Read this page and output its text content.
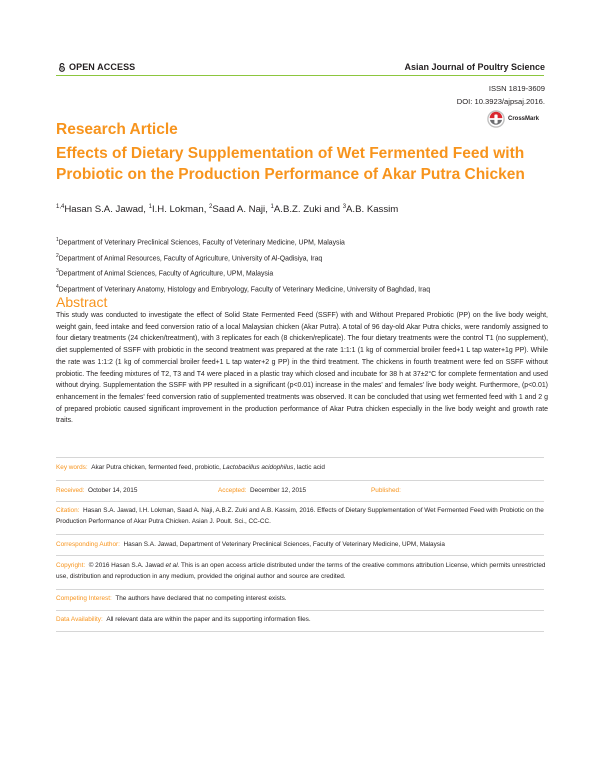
OPEN ACCESS	Asian Journal of Poultry Science
ISSN 1819-3609
DOI: 10.3923/ajpsaj.2016.
CrossMark
Research Article
Effects of Dietary Supplementation of Wet Fermented Feed with Probiotic on the Production Performance of Akar Putra Chicken
$^{1,4}$Hasan S.A. Jawad, $^1$I.H. Lokman, $^2$Saad A. Naji, $^1$A.B.Z. Zuki and $^3$A.B. Kassim
$^1$Department of Veterinary Preclinical Sciences, Faculty of Veterinary Medicine, UPM, Malaysia
$^2$Department of Animal Resources, Faculty of Agriculture, University of Al-Qadisiya, Iraq
$^3$Department of Animal Sciences, Faculty of Agriculture, UPM, Malaysia
$^4$Department of Veterinary Anatomy, Histology and Embryology, Faculty of Veterinary Medicine, University of Baghdad, Iraq
Abstract
This study was conducted to investigate the effect of Solid State Fermented Feed (SSFF) with and Without Prepared Probiotic (PP) on the live body weight, weight gain, feed intake and feed conversion ratio of a local Malaysian chicken (Akar Putra). A total of 96 day-old Akar Putra chicks, were randomly assigned to four dietary treatments (24 chicken/treatment), with 3 replicates for each (8 chicken/replicate). The four dietary treatments were the control T1 (no supplement), diet supplemented of SSFF with probiotic in the second treatment was prepared at the rate 1:1:1 (1 kg of commercial broiler feed+1 L tap water+1g PP). While the rate was 1:1:2 (1 kg of commercial broiler feed+1 L tap water+2 g PP) in the third treatment. The chickens in fourth treatment were fed on SSFF without probiotic. The feeding mixtures of T2, T3 and T4 were placed in a plastic tray which closed and incubate for 38 h at 37±2°C for complete fermentation and used without drying. Supplementation the SSFF with PP resulted in a significant (p<0.01) increase in the males' and females' live body weight. Furthermore, (p<0.01) enhancement in the females' feed conversion ratio of supplemented treatments was observed. It can be concluded that using wet fermented feed with 1 and 2 g of prepared probiotic caused significant improvement in the production performance of Akar Putra chicken especially in the live body weight and growth rate traits.
Key words: Akar Putra chicken, fermented feed, probiotic, Lactobacillus acidophilus, lactic acid
Received: October 14, 2015	Accepted: December 12, 2015	Published:
Citation: Hasan S.A. Jawad, I.H. Lokman, Saad A. Naji, A.B.Z. Zuki and A.B. Kassim, 2016. Effects of Dietary Supplementation of Wet Fermented Feed with Probiotic on the Production Performance of Akar Putra Chicken. Asian J. Poult. Sci., CC-CC.
Corresponding Author: Hasan S.A. Jawad, Department of Veterinary Preclinical Sciences, Faculty of Veterinary Medicine, UPM, Malaysia
Copyright: © 2016 Hasan S.A. Jawad et al. This is an open access article distributed under the terms of the creative commons attribution License, which permits unrestricted use, distribution and reproduction in any medium, provided the original author and source are credited.
Competing Interest: The authors have declared that no competing interest exists.
Data Availability: All relevant data are within the paper and its supporting information files.
